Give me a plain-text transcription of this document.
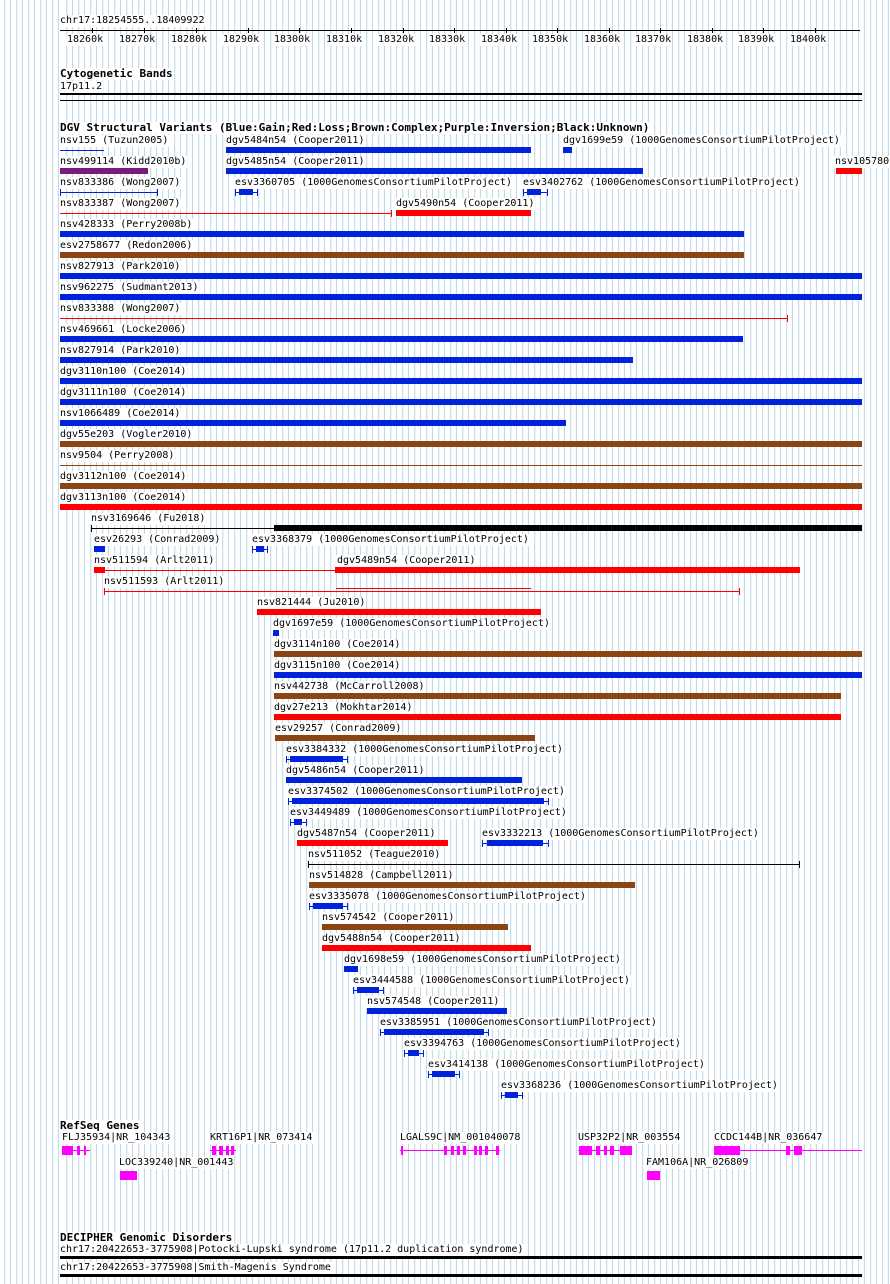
chr17:18254555..18409922
18260k 18270k 18280k 18290k 18300k 18310k 18320k 18330k 18340k 18350k 18360k 18370k 18380k 18390k 18400k
Cytogenetic Bands
17p11.2
DGV Structural Variants (Blue:Gain;Red:Loss;Brown:Complex;Purple:Inversion;Black:Unknown)
nsv155 (Tuzun2005)	dgv5484n54 (Cooper2011)	dgv1699e59 (1000GenomesConsortiumPilotProject)
nsv499114 (Kidd2010b)	dgv5485n54 (Cooper2011)	nsv105780
nsv833386 (Wong2007)	esv3360705 (1000GenomesConsortiumPilotProject) esv3402762 (1000GenomesConsortiumPilotProject)
nsv833387 (Wong2007)	dgv5490n54 (Cooper2011)
nsv428333 (Perry2008b)
esv2758677 (Redon2006)
nsv827913 (Park2010)
nsv962275 (Sudmant2013)
nsv833388 (Wong2007)
nsv469661 (Locke2006)
nsv827914 (Park2010)
dgv3110n100 (Coe2014)
dgv3111n100 (Coe2014)
nsv1066489 (Coe2014)
dgv55e203 (Vogler2010)
nsv9504 (Perry2008)
dgv3112n100 (Coe2014)
dgv3113n100 (Coe2014)
nsv3169646 (Fu2018)
esv26293 (Conrad2009)	esv3368379 (1000GenomesConsortiumPilotProject)
nsv511594 (Arlt2011)	dgv5489n54 (Cooper2011)
nsv511593 (Arlt2011)
nsv821444 (Ju2010)
dgv1697e59 (1000GenomesConsortiumPilotProject)
dgv3114n100 (Coe2014)
dgv3115n100 (Coe2014)
nsv442738 (McCarroll2008)
dgv27e213 (Mokhtar2014)
esv29257 (Conrad2009)
esv3384332 (1000GenomesConsortiumPilotProject)
dgv5486n54 (Cooper2011)
esv3374502 (1000GenomesConsortiumPilotProject)
esv3449489 (1000GenomesConsortiumPilotProject)
dgv5487n54 (Cooper2011)	esv3332213 (1000GenomesConsortiumPilotProject)
nsv511052 (Teague2010)
nsv514828 (Campbell2011)
esv3335078 (1000GenomesConsortiumPilotProject)
nsv574542 (Cooper2011)
dgv5488n54 (Cooper2011)
dgv1698e59 (1000GenomesConsortiumPilotProject)
esv3444588 (1000GenomesConsortiumPilotProject)
nsv574548 (Cooper2011)
esv3385951 (1000GenomesConsortiumPilotProject)
esv3394763 (1000GenomesConsortiumPilotProject)
esv3414138 (1000GenomesConsortiumPilotProject)
esv3368236 (1000GenomesConsortiumPilotProject)
RefSeq Genes
FLJ35934|NR_104343	KRT16P1|NR_073414	LGALS9C|NM_001040078	USP32P2|NR_003554	CCDC144B|NR_036647
LOC339240|NR_001443	FAM106A|NR_026809
DECIPHER Genomic Disorders
chr17:20422653-3775908|Potocki-Lupski syndrome (17p11.2 duplication syndrome)
chr17:20422653-3775908|Smith-Magenis Syndrome
